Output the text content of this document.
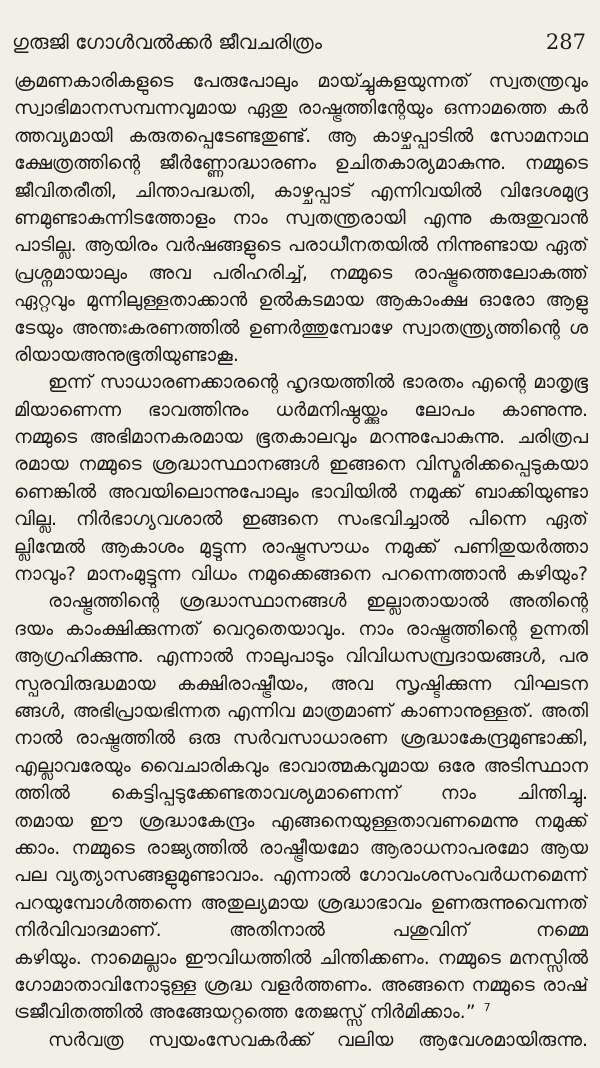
ഗുരുജി ഗോൾവൽക്കർ ജീവചരിത്രം	287
ക്രമണകാരികളുടെ പേരുപോലും മായ്ച്ചുകളയുന്നത് സ്വതന്ത്രവും
സ്വാഭിമാനസമ്പന്നവുമായ ഏതു രാഷ്ട്രത്തിന്റേയും ഒന്നാമത്തെ കർ
ത്തവ്യമായി കരുതപ്പെടേണ്ടതുണ്ട്. ആ കാഴ്ചപ്പാടിൽ സോമനാഥ
ക്ഷേത്രത്തിന്റെ ജീർണ്ണോദ്ധാരണം ഉചിതകാര്യമാകുന്നു. നമ്മുടെ
ജീവിതരീതി, ചിന്താപദ്ധതി, കാഴ്ചപ്പാട് എന്നിവയിൽ വിദേശമുദ്ര
ണമുണ്ടാകുന്നിടത്തോളം നാം സ്വതന്ത്രരായി എന്നു കരുതുവാൻ
പാടില്ല. ആയിരം വർഷങ്ങളുടെ പരാധീനതയിൽ നിന്നുണ്ടായ ഏത്
പ്രശ്നമായാലും അവ പരിഹരിച്ച്, നമ്മുടെ രാഷ്ട്രത്തെലോകത്ത്
ഏറ്റവും മുന്നിലുള്ളതാക്കാൻ ഉൽകടമായ ആകാംക്ഷ ഓരോ ആളു
ടേയും അന്തഃകരണത്തിൽ ഉണർത്തുമ്പോഴേ സ്വാതന്ത്ര്യത്തിന്റെ ശ
രിയായഅനുഭൂതിയുണ്ടാകൂ.
ഇന്ന് സാധാരണക്കാരന്റെ ഹൃദയത്തിൽ ഭാരതം എന്റെ മാതൃഭൂ
മിയാണെന്ന ഭാവത്തിനും ധർമനിഷ്ഠയ്ക്കും ലോപം കാണുന്നു.
നമ്മുടെ അഭിമാനകരമായ ഭൂതകാലവും മറന്നുപോകുന്നു. ചരിത്രപ
രമായ നമ്മുടെ ശ്രദ്ധാസ്ഥാനങ്ങൾ ഇങ്ങനെ വിസ്മരിക്കപ്പെടുകയാ
ണെങ്കിൽ അവയിലൊന്നുപോലും ഭാവിയിൽ നമുക്ക് ബാക്കിയുണ്ടാ
വില്ല. നിർഭാഗ്യവശാൽ ഇങ്ങനെ സംഭവിച്ചാൽ പിന്നെ ഏത്
ല്ലിന്മേൽ ആകാശം മുട്ടുന്ന രാഷ്ട്രസൗധം നമുക്ക് പണിതുയർത്താ
നാവും? മാനംമുട്ടുന്ന വിധം നമുക്കെങ്ങനെ പറന്നെത്താൻ കഴിയും?
രാഷ്ട്രത്തിന്റെ ശ്രദ്ധാസ്ഥാനങ്ങൾ ഇല്ലാതായാൽ അതിന്റെ
ദയം കാംക്ഷിക്കുന്നത് വെറുതെയാവും. നാം രാഷ്ട്രത്തിന്റെ ഉന്നതി
ആഗ്രഹിക്കുന്നു. എന്നാൽ നാലുപാടും വിവിധസമ്പ്രദായങ്ങൾ, പര
സ്പരവിരുദ്ധമായ കക്ഷിരാഷ്ട്രീയം, അവ സൃഷ്ടിക്കുന്ന വിഘടന
ങ്ങൾ, അഭിപ്രായഭിന്നത എന്നിവ മാത്രമാണ് കാണാനുള്ളത്. അതി
നാൽ രാഷ്ട്രത്തിൽ ഒരു സർവസാധാരണ ശ്രദ്ധാകേന്ദ്രമുണ്ടാക്കി,
എല്ലാവരേയും വൈചാരികവും ഭാവാത്മകവുമായ ഒരേ അടിസ്ഥാന
ത്തിൽ കെട്ടിപ്പടുക്കേണ്ടതാവശ്യമാണെന്ന് നാം ചിന്തിച്ചു.
തമായ ഈ ശ്രദ്ധാകേന്ദ്രം എങ്ങനെയുള്ളതാവണമെന്നു നമുക്ക്
ക്കാം. നമ്മുടെ രാജ്യത്തിൽ രാഷ്ട്രീയമോ ആരാധനാപരമോ ആയ
പല വ്യത്യാസങ്ങളുമുണ്ടാവാം. എന്നാൽ ഗോവംശസംവർധനമെന്ന്
പറയുമ്പോൾത്തന്നെ അതുല്യമായ ശ്രദ്ധാഭാവം ഉണരുന്നുവെന്നത്
നിർവിവാദമാണ്. അതിനാൽ പശുവിന് നമ്മെ
കഴിയും. നാമെല്ലാം ഈവിധത്തിൽ ചിന്തിക്കണം. നമ്മുടെ മനസ്സിൽ
ഗോമാതാവിനോടുള്ള ശ്രദ്ധ വളർത്തണം. അങ്ങനെ നമ്മുടെ രാഷ്
ട്രജീവിതത്തിൽ അങ്ങേയറ്റത്തെ തേജസ്സ് നിർമിക്കാം.” $^7$
സർവത്ര സ്വയംസേവകർക്ക് വലിയ ആവേശമായിരുന്നു.
